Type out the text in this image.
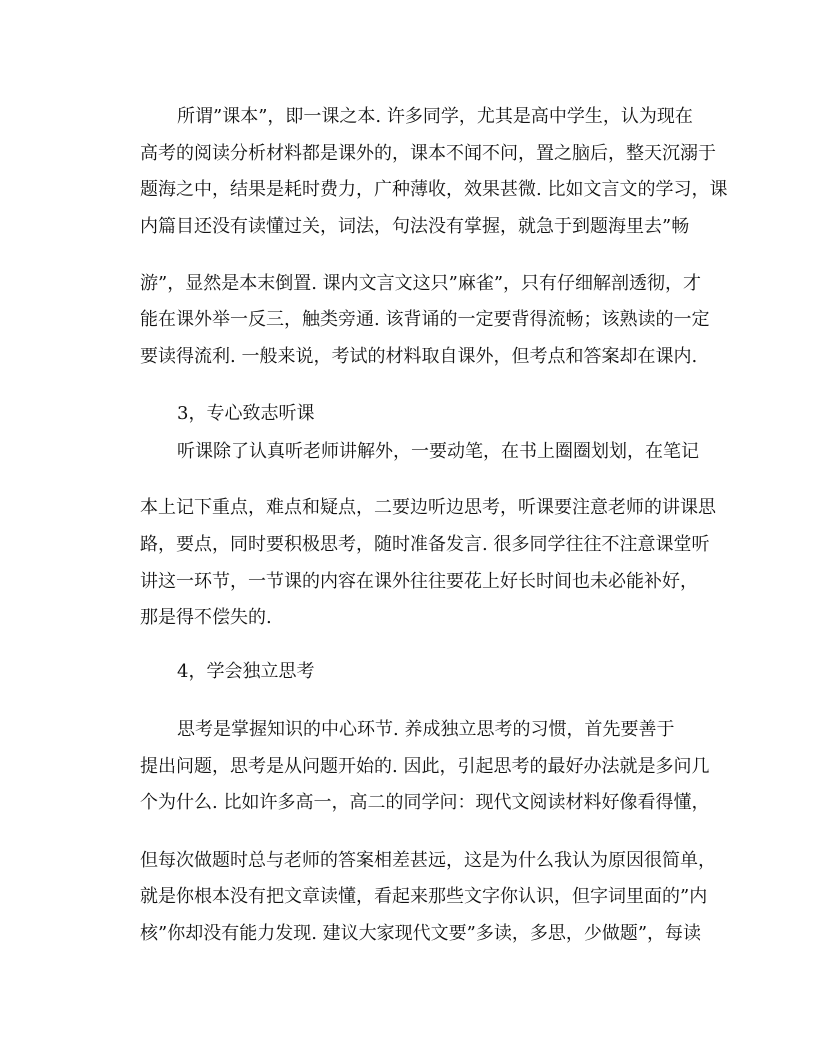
所谓”课本”，即一课之本. 许多同学，尤其是高中学生，认为现在
高考的阅读分析材料都是课外的，课本不闻不问，置之脑后，整天沉溺于
题海之中，结果是耗时费力，广种薄收，效果甚微. 比如文言文的学习，课
内篇目还没有读懂过关，词法，句法没有掌握，就急于到题海里去”畅
游”，显然是本末倒置. 课内文言文这只”麻雀”，只有仔细解剖透彻，才
能在课外举一反三，触类旁通. 该背诵的一定要背得流畅；该熟读的一定
要读得流利. 一般来说，考试的材料取自课外，但考点和答案却在课内.
3，专心致志听课
听课除了认真听老师讲解外，一要动笔，在书上圈圈划划，在笔记
本上记下重点，难点和疑点，二要边听边思考，听课要注意老师的讲课思
路，要点，同时要积极思考，随时准备发言. 很多同学往往不注意课堂听
讲这一环节，一节课的内容在课外往往要花上好长时间也未必能补好，
那是得不偿失的.
4，学会独立思考
思考是掌握知识的中心环节. 养成独立思考的习惯，首先要善于
提出问题，思考是从问题开始的. 因此，引起思考的最好办法就是多问几
个为什么. 比如许多高一，高二的同学问：现代文阅读材料好像看得懂，
但每次做题时总与老师的答案相差甚远，这是为什么我认为原因很简单，
就是你根本没有把文章读懂，看起来那些文字你认识，但字词里面的”内
核”你却没有能力发现. 建议大家现代文要”多读，多思，少做题”，每读
